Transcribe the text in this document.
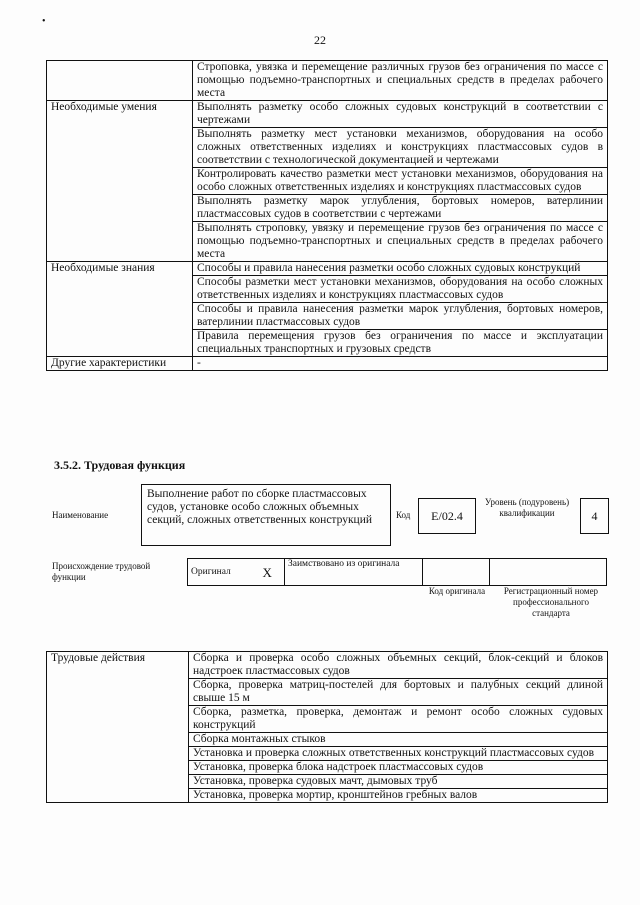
•
22
	Строповка, увязка и перемещение различных грузов без ограничения по массе с помощью подъемно-транспортных и специальных средств в пределах рабочего места
Необходимые умения	Выполнять разметку особо сложных судовых конструкций в соответствии с чертежами
	Выполнять разметку мест установки механизмов, оборудования на особо сложных ответственных изделиях и конструкциях пластмассовых судов в соответствии с технологической документацией и чертежами
	Контролировать качество разметки мест установки механизмов, оборудования на особо сложных ответственных изделиях и конструкциях пластмассовых судов
	Выполнять разметку марок углубления, бортовых номеров, ватерлинии пластмассовых судов в соответствии с чертежами
	Выполнять строповку, увязку и перемещение грузов без ограничения по массе с помощью подъемно-транспортных и специальных средств в пределах рабочего места
Необходимые знания	Способы и правила нанесения разметки особо сложных судовых конструкций
	Способы разметки мест установки механизмов, оборудования на особо сложных ответственных изделиях и конструкциях пластмассовых судов
	Способы и правила нанесения разметки марок углубления, бортовых номеров, ватерлинии пластмассовых судов
	Правила перемещения грузов без ограничения по массе и эксплуатации специальных транспортных и грузовых средств
Другие характеристики	-
3.5.2. Трудовая функция
Наименование
Выполнение работ по сборке пластмассовых судов, установке особо сложных объемных секций, сложных ответственных конструкций	Код	E/02.4
Уровень (подуровень) квалификации	4
Происхождение трудовой функции
Оригинал	X	Заимствовано из оригинала		
Код оригинала	Регистрационный номер профессионального стандарта
Трудовые действия	Сборка и проверка особо сложных объемных секций, блок-секций и блоков надстроек пластмассовых судов
Сборка, проверка матриц-постелей для бортовых и палубных секций длиной свыше 15 м
Сборка, разметка, проверка, демонтаж и ремонт особо сложных судовых конструкций
Сборка монтажных стыков
Установка и проверка сложных ответственных конструкций пластмассовых судов
Установка, проверка блока надстроек пластмассовых судов
Установка, проверка судовых мачт, дымовых труб
Установка, проверка мортир, кронштейнов гребных валов
